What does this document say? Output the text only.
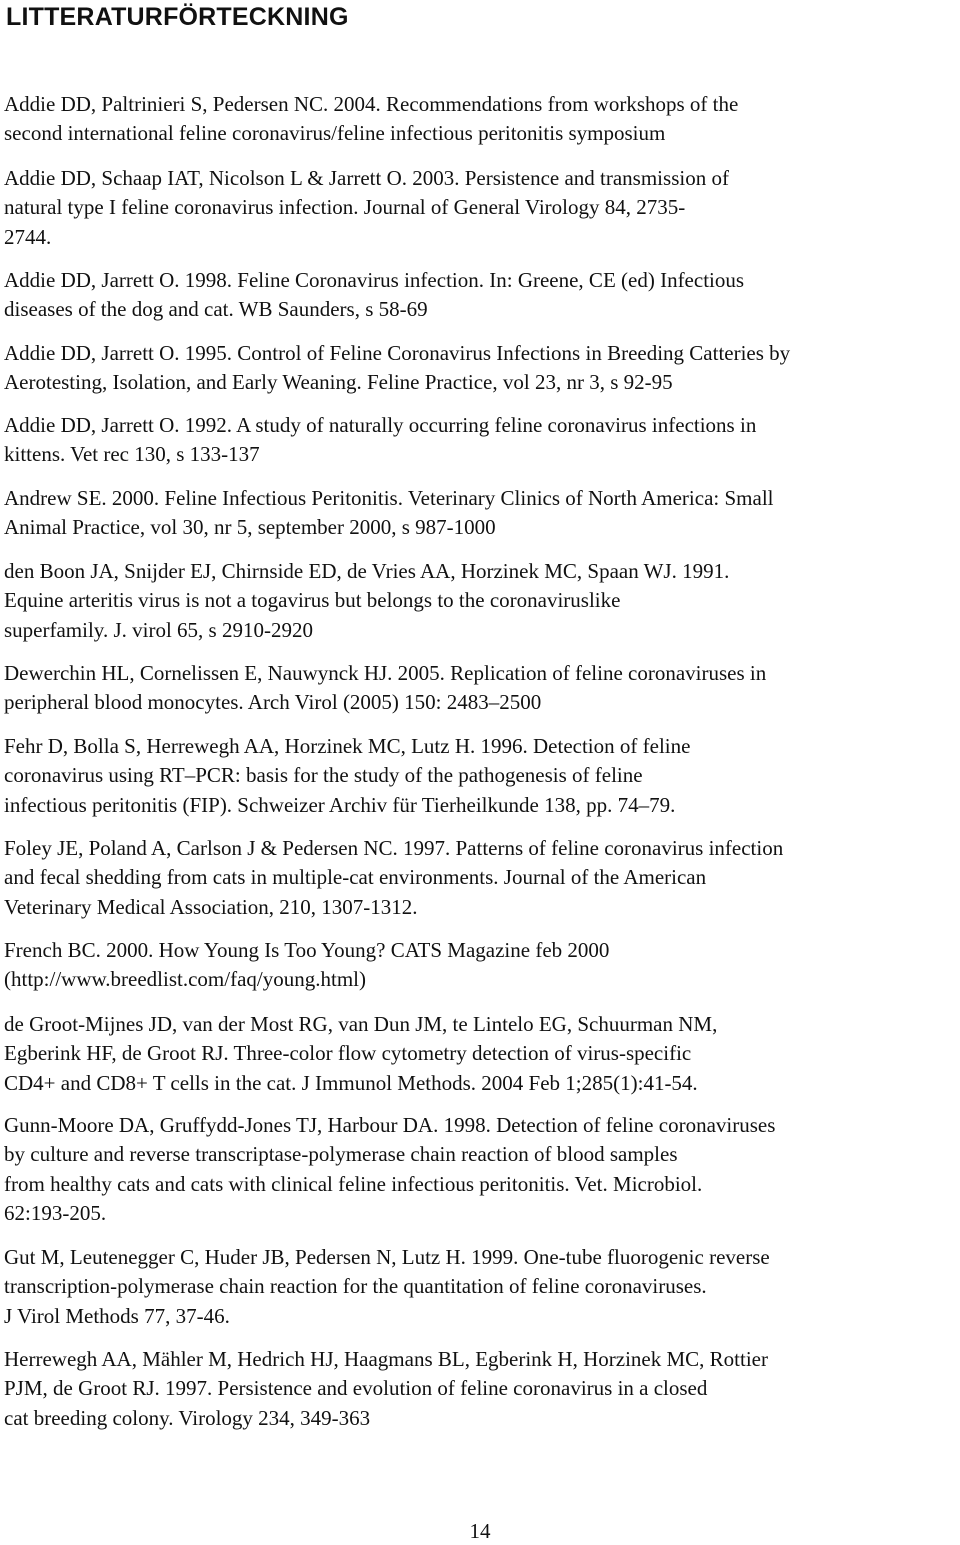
LITTERATURFÖRTECKNING

Addie DD, Paltrinieri S, Pedersen NC. 2004. Recommendations from workshops of the
second international feline coronavirus/feline infectious peritonitis symposium

Addie DD, Schaap IAT, Nicolson L & Jarrett O. 2003. Persistence and transmission of
natural type I feline coronavirus infection. Journal of General Virology 84, 2735-
2744.

Addie DD, Jarrett O. 1998. Feline Coronavirus infection. In: Greene, CE (ed) Infectious
diseases of the dog and cat. WB Saunders, s 58-69

Addie DD, Jarrett O. 1995. Control of Feline Coronavirus Infections in Breeding Catteries by
Aerotesting, Isolation, and Early Weaning. Feline Practice, vol 23, nr 3, s 92-95

Addie DD, Jarrett O. 1992. A study of naturally occurring feline coronavirus infections in
kittens. Vet rec 130, s 133-137

Andrew SE. 2000. Feline Infectious Peritonitis. Veterinary Clinics of North America: Small
Animal Practice, vol 30, nr 5, september 2000, s 987-1000

den Boon JA, Snijder EJ, Chirnside ED, de Vries AA, Horzinek MC, Spaan WJ. 1991.
Equine arteritis virus is not a togavirus but belongs to the coronaviruslike
superfamily. J. virol 65, s 2910-2920

Dewerchin HL, Cornelissen E, Nauwynck HJ. 2005. Replication of feline coronaviruses in
peripheral blood monocytes. Arch Virol (2005) 150: 2483–2500

Fehr D, Bolla S, Herrewegh AA, Horzinek MC, Lutz H. 1996. Detection of feline
coronavirus using RT–PCR: basis for the study of the pathogenesis of feline
infectious peritonitis (FIP). Schweizer Archiv für Tierheilkunde 138, pp. 74–79.

Foley JE, Poland A, Carlson J & Pedersen NC. 1997. Patterns of feline coronavirus infection
and fecal shedding from cats in multiple-cat environments. Journal of the American
Veterinary Medical Association, 210, 1307-1312.

French BC. 2000. How Young Is Too Young? CATS Magazine feb 2000
(http://www.breedlist.com/faq/young.html)

de Groot-Mijnes JD, van der Most RG, van Dun JM, te Lintelo EG, Schuurman NM,
Egberink HF, de Groot RJ. Three-color flow cytometry detection of virus-specific
CD4+ and CD8+ T cells in the cat. J Immunol Methods. 2004 Feb 1;285(1):41-54.

Gunn-Moore DA, Gruffydd-Jones TJ, Harbour DA. 1998. Detection of feline coronaviruses
by culture and reverse transcriptase-polymerase chain reaction of blood samples
from healthy cats and cats with clinical feline infectious peritonitis. Vet. Microbiol.
62:193-205.

Gut M, Leutenegger C, Huder JB, Pedersen N, Lutz H. 1999. One-tube fluorogenic reverse
transcription-polymerase chain reaction for the quantitation of feline coronaviruses.
J Virol Methods 77, 37-46.

Herrewegh AA, Mähler M, Hedrich HJ, Haagmans BL, Egberink H, Horzinek MC, Rottier
PJM, de Groot RJ. 1997. Persistence and evolution of feline coronavirus in a closed
cat breeding colony. Virology 234, 349-363

14
